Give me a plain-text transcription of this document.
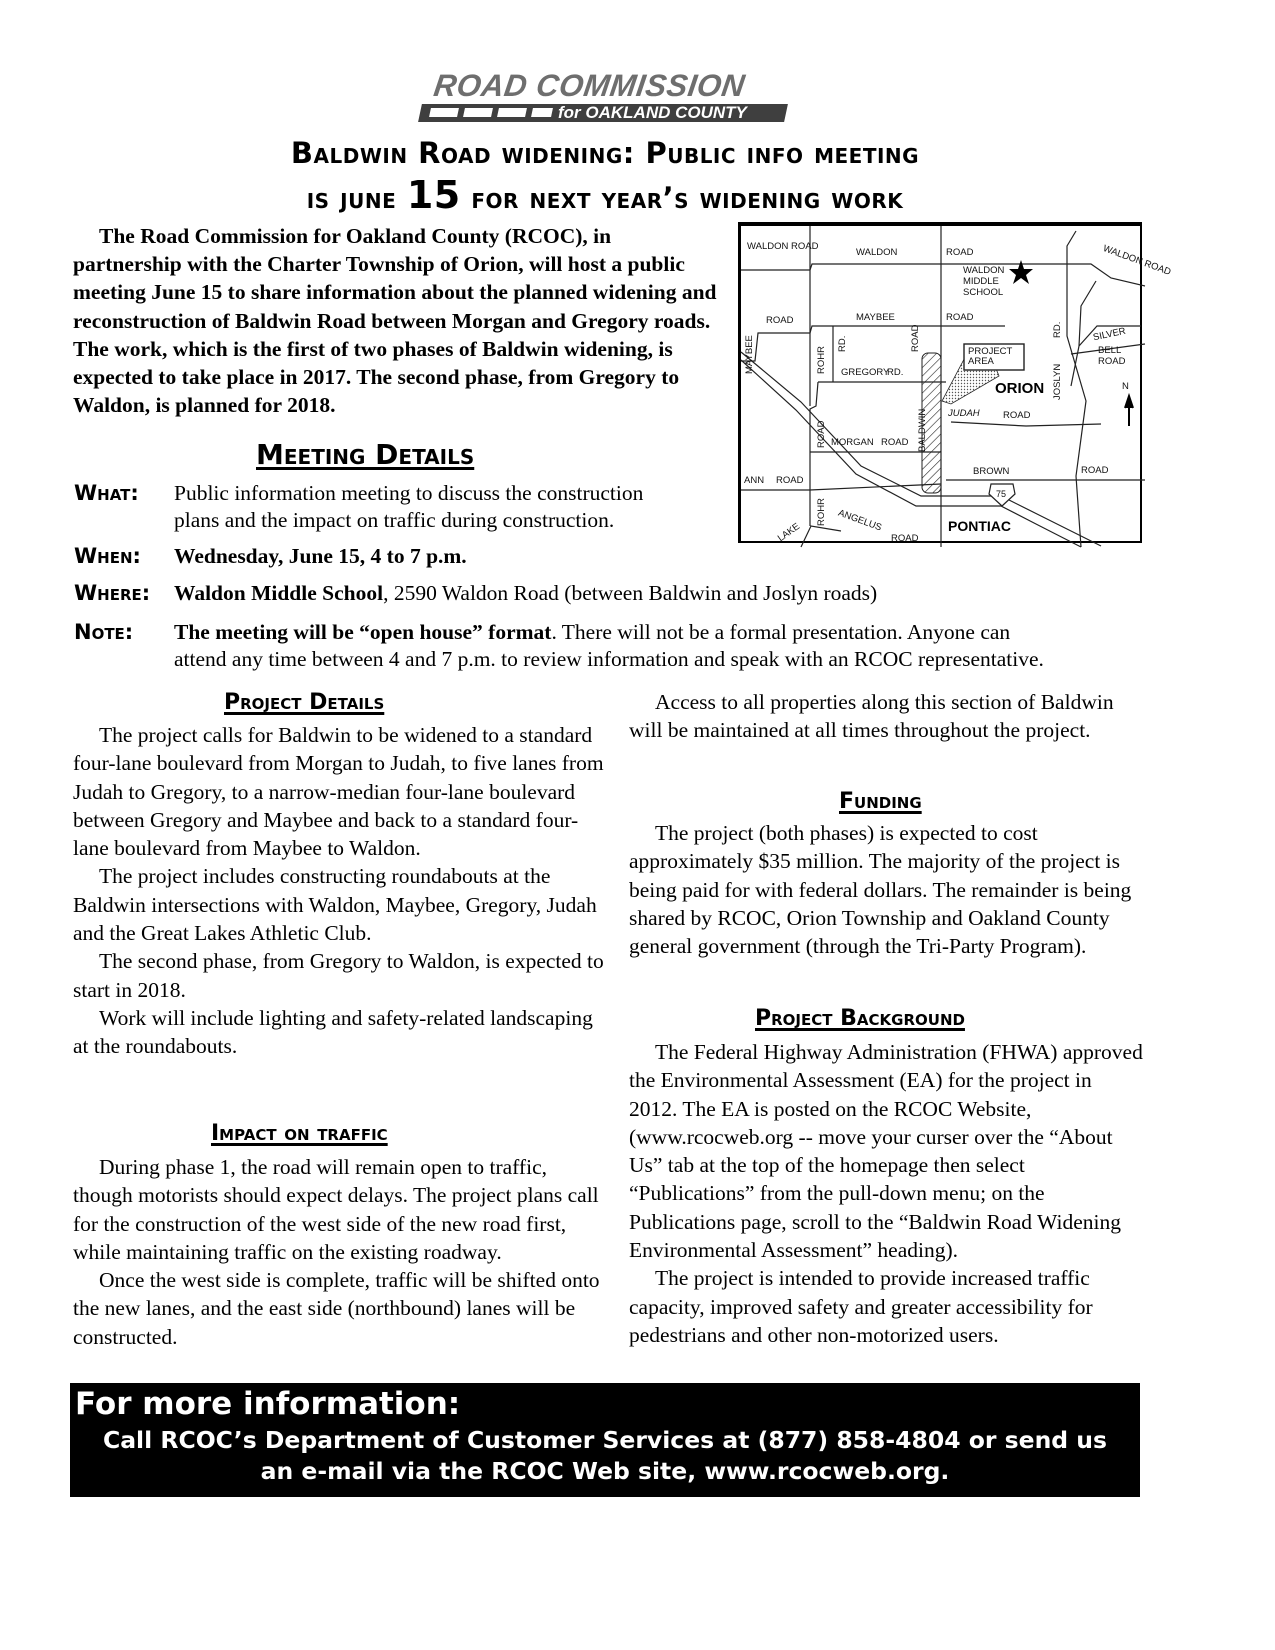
ROAD COMMISSION
for OAKLAND COUNTY
Baldwin Road widening: Public info meeting
is june 15 for next year’s widening work
The Road Commission for Oakland County (RCOC), in partnership with the Charter Township of Orion, will host a public meeting June 15 to share information about the planned widening and reconstruction of Baldwin Road between Morgan and Gregory roads. The work, which is the first of two phases of Baldwin widening, is expected to take place in 2017. The second phase, from Gregory to Waldon, is planned for 2018.
WALDON ROAD
WALDON	ROAD	WALDON ROAD
WALDON
MIDDLE
SCHOOL
ROAD	MAYBEE	ROAD
MAYBEE	ROHR
RD.	ROAD
GREGORY
RD.
PROJECT
AREA
JOSLYN
RD.	SILVER
BELL
ROAD
ORION
BALDWIN JUDAH ROAD
ROAD MORGAN ROAD
ANN ROAD
BROWN	ROAD
75
ROHR
LAKE	ANGELUS
ROAD
PONTIAC
N
Meeting Details
What: Public information meeting to discuss the construction
plans and the impact on traffic during construction.
When: Wednesday, June 15, 4 to 7 p.m.
Where: Waldon Middle School, 2590 Waldon Road (between Baldwin and Joslyn roads)
Note: The meeting will be “open house” format. There will not be a formal presentation. Anyone can
attend any time between 4 and 7 p.m. to review information and speak with an RCOC representative.
Project Details

The project calls for Baldwin to be widened to a standard four-lane boulevard from Morgan to Judah, to five lanes from Judah to Gregory, to a narrow-median four-lane boulevard between Gregory and Maybee and back to a standard four-lane boulevard from Maybee to Waldon.

The project includes constructing roundabouts at the Baldwin intersections with Waldon, Maybee, Gregory, Judah and the Great Lakes Athletic Club.

The second phase, from Gregory to Waldon, is expected to start in 2018.

Work will include lighting and safety-related landscaping at the roundabouts.

Impact on traffic

During phase 1, the road will remain open to traffic, though motorists should expect delays. The project plans call for the construction of the west side of the new road first, while maintaining traffic on the existing roadway.

Once the west side is complete, traffic will be shifted onto the new lanes, and the east side (northbound) lanes will be constructed.

Access to all properties along this section of Baldwin will be maintained at all times throughout the project.

Funding

The project (both phases) is expected to cost approximately $35 million. The majority of the project is being paid for with federal dollars. The remainder is being shared by RCOC, Orion Township and Oakland County general government (through the Tri-Party Program).

Project Background

The Federal Highway Administration (FHWA) approved the Environmental Assessment (EA) for the project in 2012. The EA is posted on the RCOC Website, (www.rcocweb.org -- move your curser over the “About Us” tab at the top of the homepage then select “Publications” from the pull-down menu; on the Publications page, scroll to the “Baldwin Road Widening Environmental Assessment” heading).

The project is intended to provide increased traffic capacity, improved safety and greater accessibility for pedestrians and other non-motorized users.

For more information:
Call RCOC’s Department of Customer Services at (877) 858-4804 or send us
an e-mail via the RCOC Web site, www.rcocweb.org.
